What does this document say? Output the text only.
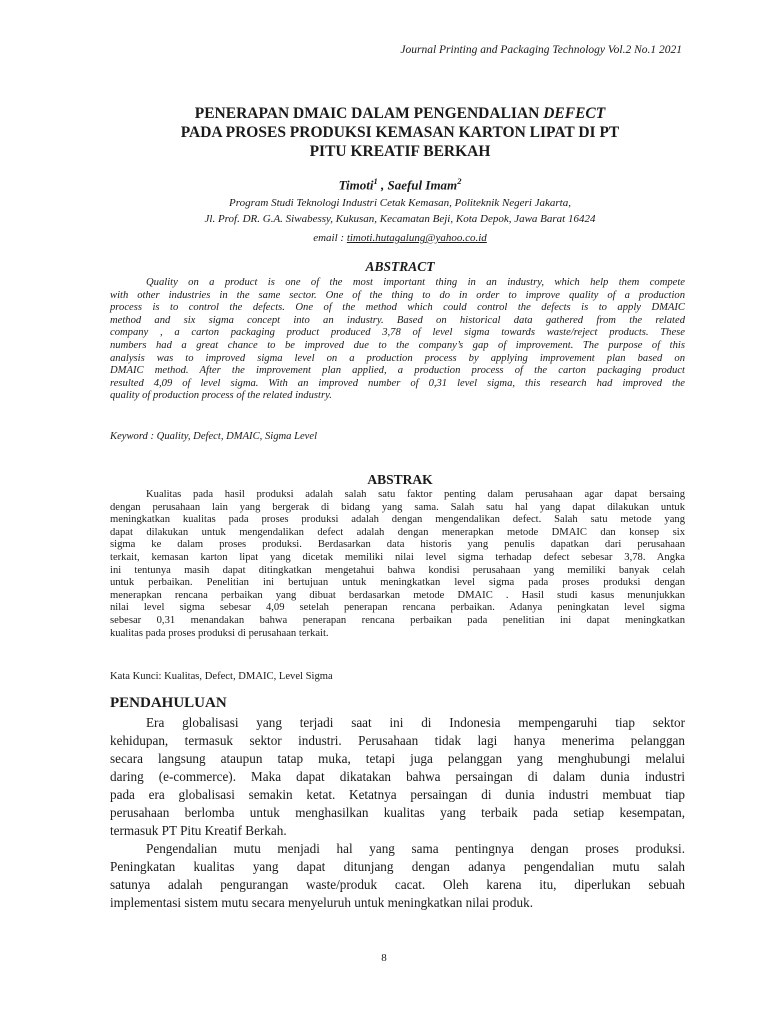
Journal Printing and Packaging Technology Vol.2 No.1 2021
PENERAPAN DMAIC DALAM PENGENDALIAN DEFECT
PADA PROSES PRODUKSI KEMASAN KARTON LIPAT DI PT
PITU KREATIF BERKAH
Timoti$^1$ , Saeful Imam$^2$
Program Studi Teknologi Industri Cetak Kemasan, Politeknik Negeri Jakarta,
Jl. Prof. DR. G.A. Siwabessy, Kukusan, Kecamatan Beji, Kota Depok, Jawa Barat 16424
email : timoti.hutagalung@yahoo.co.id
ABSTRACT
Quality on a product is one of the most important thing in an industry, which help them compete
with other industries in the same sector. One of the thing to do in order to improve quality of a production
process is to control the defects. One of the method which could control the defects is to apply DMAIC
method and six sigma concept into an industry. Based on historical data gathered from the related
company , a carton packaging product produced 3,78 of level sigma towards waste/reject products. These
numbers had a great chance to be improved due to the company’s gap of improvement. The purpose of this
analysis was to improved sigma level on a production process by applying improvement plan based on
DMAIC method. After the improvement plan applied, a production process of the carton packaging product
resulted 4,09 of level sigma. With an improved number of 0,31 level sigma, this research had improved the
quality of production process of the related industry.
Keyword : Quality, Defect, DMAIC, Sigma Level
ABSTRAK
Kualitas pada hasil produksi adalah salah satu faktor penting dalam perusahaan agar dapat bersaing
dengan perusahaan lain yang bergerak di bidang yang sama. Salah satu hal yang dapat dilakukan untuk
meningkatkan kualitas pada proses produksi adalah dengan mengendalikan defect. Salah satu metode yang
dapat dilakukan untuk mengendalikan defect adalah dengan menerapkan metode DMAIC dan konsep six
sigma ke dalam proses produksi. Berdasarkan data historis yang penulis dapatkan dari perusahaan
terkait, kemasan karton lipat yang dicetak memiliki nilai level sigma terhadap defect sebesar 3,78. Angka
ini tentunya masih dapat ditingkatkan mengetahui bahwa kondisi perusahaan yang memiliki banyak celah
untuk perbaikan. Penelitian ini bertujuan untuk meningkatkan level sigma pada proses produksi dengan
menerapkan rencana perbaikan yang dibuat berdasarkan metode DMAIC . Hasil studi kasus menunjukkan
nilai level sigma sebesar 4,09 setelah penerapan rencana perbaikan. Adanya peningkatan level sigma
sebesar 0,31 menandakan bahwa penerapan rencana perbaikan pada penelitian ini dapat meningkatkan
kualitas pada proses produksi di perusahaan terkait.
Kata Kunci: Kualitas, Defect, DMAIC, Level Sigma
PENDAHULUAN
Era globalisasi yang terjadi saat ini di Indonesia mempengaruhi tiap sektor
kehidupan, termasuk sektor industri. Perusahaan tidak lagi hanya menerima pelanggan
secara langsung ataupun tatap muka, tetapi juga pelanggan yang menghubungi melalui
daring (e-commerce). Maka dapat dikatakan bahwa persaingan di dalam dunia industri
pada era globalisasi semakin ketat. Ketatnya persaingan di dunia industri membuat tiap
perusahaan berlomba untuk menghasilkan kualitas yang terbaik pada setiap kesempatan,
termasuk PT Pitu Kreatif Berkah.
Pengendalian mutu menjadi hal yang sama pentingnya dengan proses produksi.
Peningkatan kualitas yang dapat ditunjang dengan adanya pengendalian mutu salah
satunya adalah pengurangan waste/produk cacat. Oleh karena itu, diperlukan sebuah
implementasi sistem mutu secara menyeluruh untuk meningkatkan nilai produk.
8
